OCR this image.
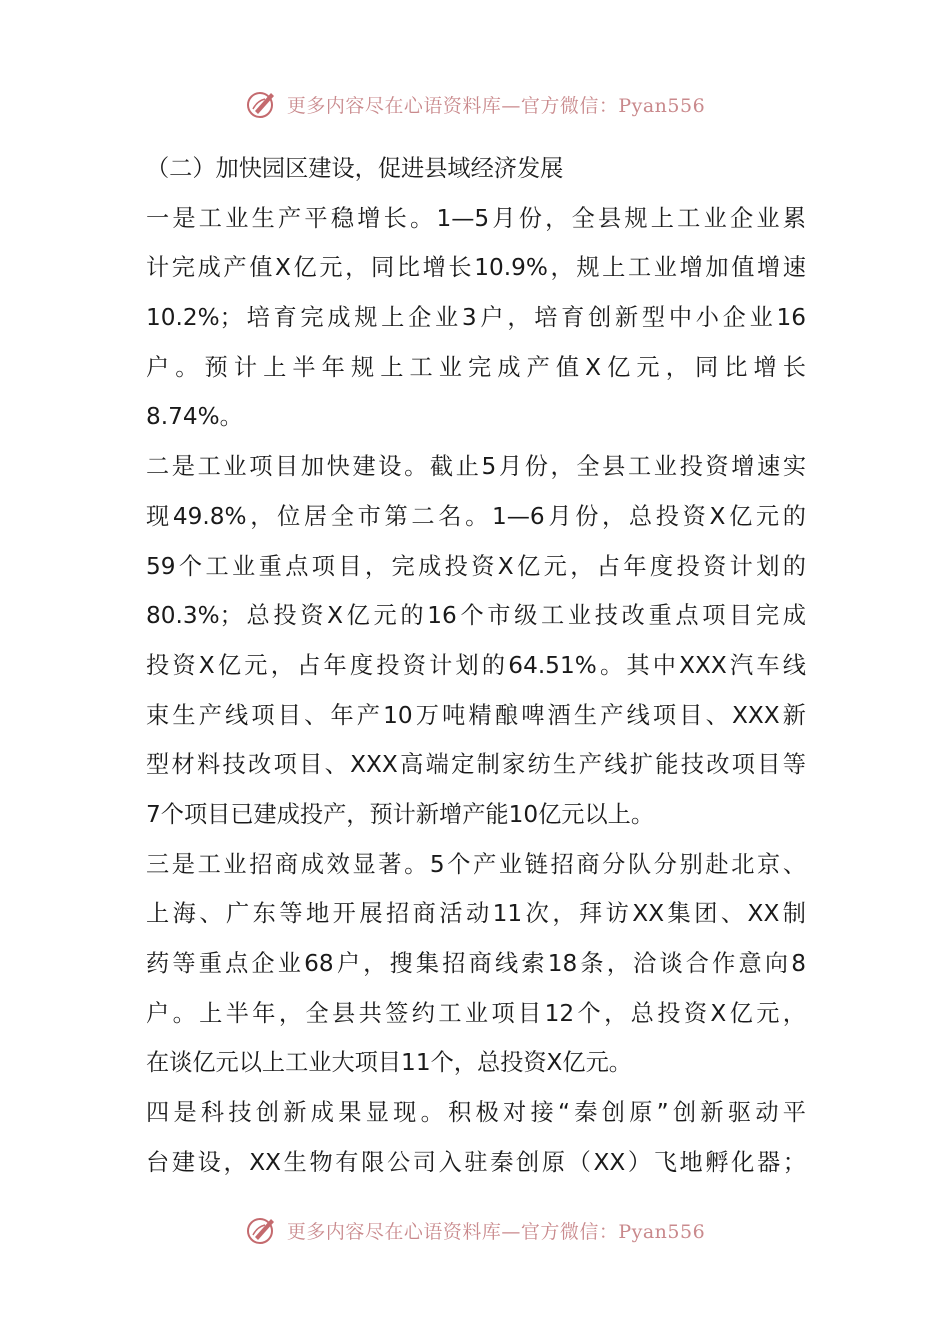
更多内容尽在心语资料库—官方微信：Pyan556
（二）加快园区建设，促进县域经济发展
一是工业生产平稳增长。1—5月份，全县规上工业企业累
计完成产值X亿元，同比增长10.9%，规上工业增加值增速
10.2%；培育完成规上企业3户，培育创新型中小企业16
户。预计上半年规上工业完成产值X亿元，同比增长
8.74%。
二是工业项目加快建设。截止5月份，全县工业投资增速实
现49.8%，位居全市第二名。1—6月份，总投资X亿元的
59个工业重点项目，完成投资X亿元，占年度投资计划的
80.3%；总投资X亿元的16个市级工业技改重点项目完成
投资X亿元，占年度投资计划的64.51%。其中XXX汽车线
束生产线项目、年产10万吨精酿啤酒生产线项目、XXX新
型材料技改项目、XXX高端定制家纺生产线扩能技改项目等
7个项目已建成投产，预计新增产能10亿元以上。
三是工业招商成效显著。5个产业链招商分队分别赴北京、
上海、广东等地开展招商活动11次，拜访XX集团、XX制
药等重点企业68户，搜集招商线索18条，洽谈合作意向8
户。上半年，全县共签约工业项目12个，总投资X亿元，
在谈亿元以上工业大项目11个，总投资X亿元。
四是科技创新成果显现。积极对接“秦创原”创新驱动平
台建设，XX生物有限公司入驻秦创原（XX）飞地孵化器；
更多内容尽在心语资料库—官方微信：Pyan556
